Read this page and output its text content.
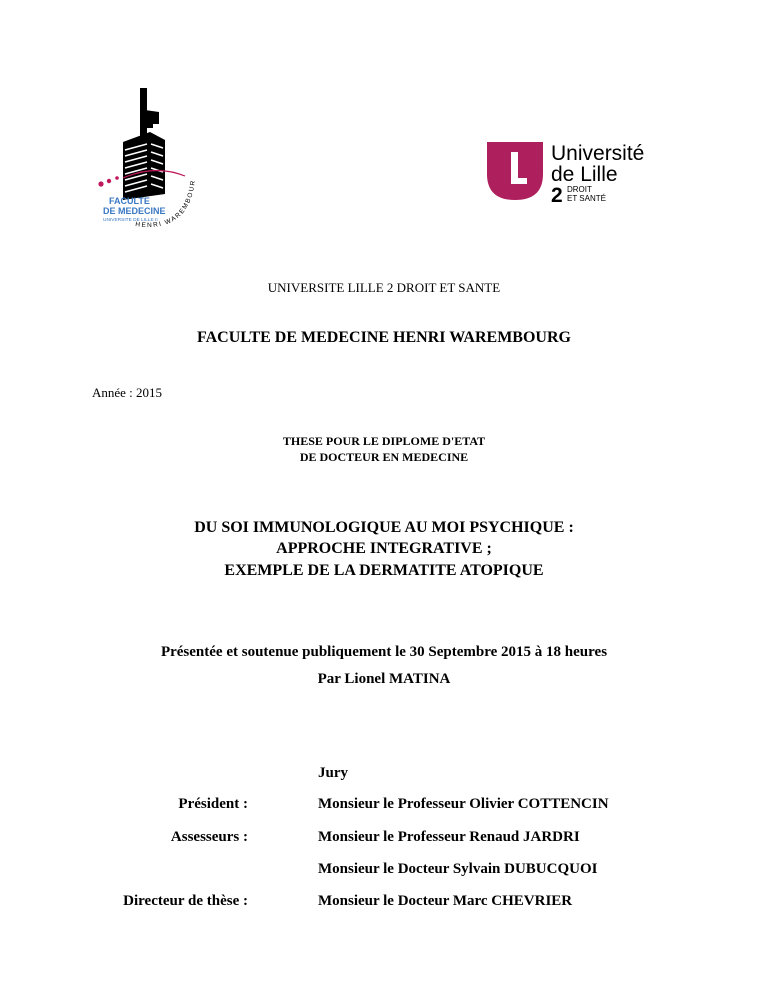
HENRI WAREMBOUR
FACULTE
DE MEDECINE
UNIVERSITE DE LILLE II
Université
de Lille
2 DROIT
ET SANTÉ
UNIVERSITE LILLE 2 DROIT ET SANTE
FACULTE DE MEDECINE HENRI WAREMBOURG
Année : 2015
THESE POUR LE DIPLOME D'ETAT
DE DOCTEUR EN MEDECINE
DU SOI IMMUNOLOGIQUE AU MOI PSYCHIQUE :
APPROCHE INTEGRATIVE ;
EXEMPLE DE LA DERMATITE ATOPIQUE
Présentée et soutenue publiquement le 30 Septembre 2015 à 18 heures
Par Lionel MATINA
Jury
Président :	Monsieur le Professeur Olivier COTTENCIN
Assesseurs :	Monsieur le Professeur Renaud JARDRI
Monsieur le Docteur Sylvain DUBUCQUOI
Directeur de thèse :	Monsieur le Docteur Marc CHEVRIER
